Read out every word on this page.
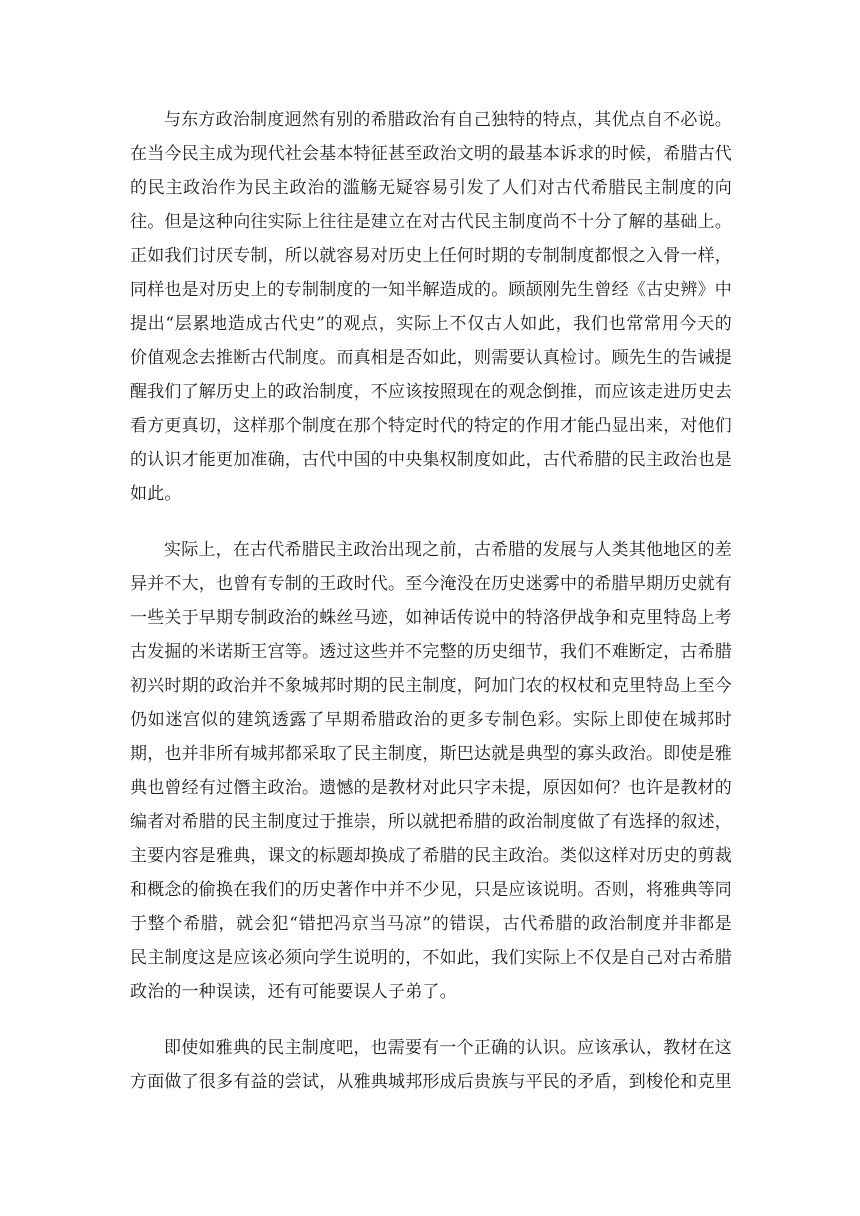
与东方政治制度迥然有别的希腊政治有自己独特的特点，其优点自不必说。在当今民主成为现代社会基本特征甚至政治文明的最基本诉求的时候，希腊古代的民主政治作为民主政治的滥觞无疑容易引发了人们对古代希腊民主制度的向往。但是这种向往实际上往往是建立在对古代民主制度尚不十分了解的基础上。正如我们讨厌专制，所以就容易对历史上任何时期的专制制度都恨之入骨一样，同样也是对历史上的专制制度的一知半解造成的。顾颉刚先生曾经《古史辨》中提出“层累地造成古代史”的观点，实际上不仅古人如此，我们也常常用今天的价值观念去推断古代制度。而真相是否如此，则需要认真检讨。顾先生的告诫提醒我们了解历史上的政治制度，不应该按照现在的观念倒推，而应该走进历史去看方更真切，这样那个制度在那个特定时代的特定的作用才能凸显出来，对他们的认识才能更加准确，古代中国的中央集权制度如此，古代希腊的民主政治也是如此。

实际上，在古代希腊民主政治出现之前，古希腊的发展与人类其他地区的差异并不大，也曾有专制的王政时代。至今淹没在历史迷雾中的希腊早期历史就有一些关于早期专制政治的蛛丝马迹，如神话传说中的特洛伊战争和克里特岛上考古发掘的米诺斯王宫等。透过这些并不完整的历史细节，我们不难断定，古希腊初兴时期的政治并不象城邦时期的民主制度，阿加门农的权杖和克里特岛上至今仍如迷宫似的建筑透露了早期希腊政治的更多专制色彩。实际上即使在城邦时期，也并非所有城邦都采取了民主制度，斯巴达就是典型的寡头政治。即使是雅典也曾经有过僭主政治。遗憾的是教材对此只字未提，原因如何？也许是教材的编者对希腊的民主制度过于推崇，所以就把希腊的政治制度做了有选择的叙述，主要内容是雅典，课文的标题却换成了希腊的民主政治。类似这样对历史的剪裁和概念的偷换在我们的历史著作中并不少见，只是应该说明。否则，将雅典等同于整个希腊，就会犯“错把冯京当马凉”的错误，古代希腊的政治制度并非都是民主制度这是应该必须向学生说明的，不如此，我们实际上不仅是自己对古希腊政治的一种误读，还有可能要误人子弟了。

即使如雅典的民主制度吧，也需要有一个正确的认识。应该承认，教材在这方面做了很多有益的尝试，从雅典城邦形成后贵族与平民的矛盾，到梭伦和克里
